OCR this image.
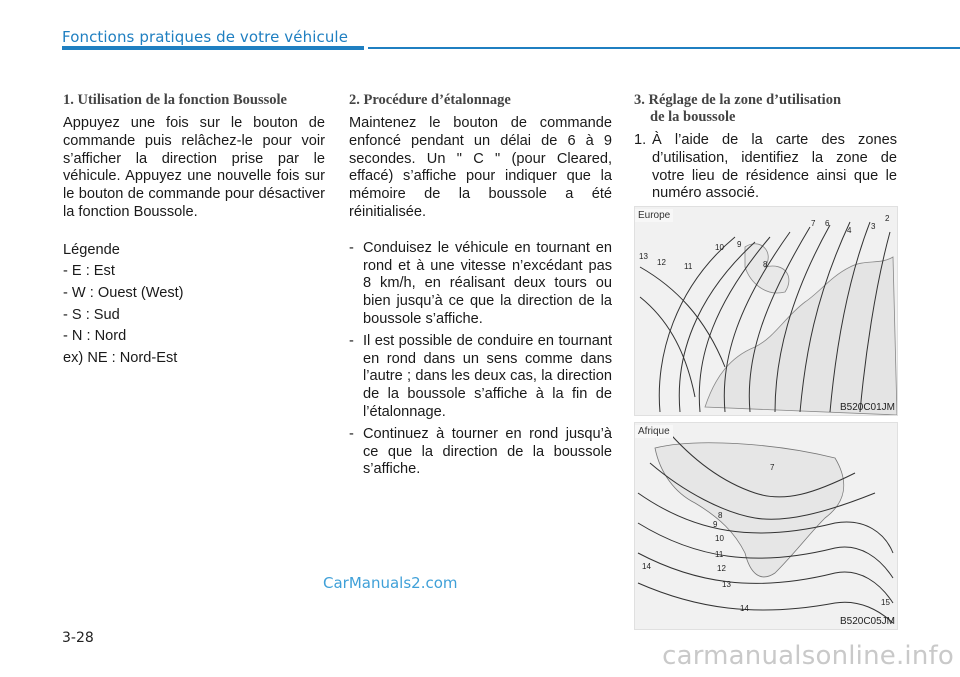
Fonctions pratiques de votre véhicule
1. Utilisation de la fonction Boussole

Appuyez une fois sur le bouton de commande puis relâchez-le pour voir s’afficher la direction prise par le véhicule. Appuyez une nouvelle fois sur le bouton de commande pour désactiver la fonction Boussole.

Légende
- E : Est
- W : Ouest (West)
- S : Sud
- N : Nord
ex) NE : Nord-Est
2. Procédure d’étalonnage

Maintenez le bouton de commande enfoncé pendant un délai de 6 à 9 secondes. Un " C " (pour Cleared, effacé) s’affiche pour indiquer que la mémoire de la boussole a été réinitialisée.

- Conduisez le véhicule en tournant en rond et à une vitesse n’excédant pas 8 km/h, en réalisant deux tours ou bien jusqu’à ce que la direction de la boussole s’affiche.
- Il est possible de conduire en tournant en rond dans un sens comme dans l’autre ; dans les deux cas, la direction de la boussole s’affiche à la fin de l’étalonnage.
- Continuez à tourner en rond jusqu’à ce que la direction de la boussole s’affiche.
3. Réglage de la zone d’utilisation
de la boussole
1. À l’aide de la carte des zones d’utilisation, identifiez la zone de votre lieu de résidence ainsi que le numéro associé.
2
3
4
6
7
8
9
10
11
12
13
Europe
B520C01JM
7
8
9
10
11
12
13
14
14
15
Afrique
B520C05JM
CarManuals2.com
3-28
carmanualsonline.info
